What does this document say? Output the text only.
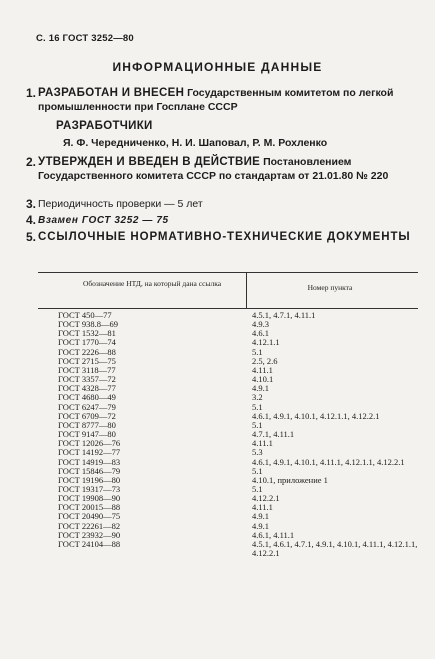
С. 16 ГОСТ 3252—80
ИНФОРМАЦИОННЫЕ ДАННЫЕ
1. РАЗРАБОТАН И ВНЕСЕН Государственным комитетом по легкой промышленности при Госплане СССР
РАЗРАБОТЧИКИ
Я. Ф. Чередниченко, Н. И. Шаповал, Р. М. Рохленко
2. УТВЕРЖДЕН И ВВЕДЕН В ДЕЙСТВИЕ Постановлением Государственного комитета СССР по стандартам от 21.01.80 № 220
3. Периодичность проверки — 5 лет
4. Взамен ГОСТ 3252 — 75
5. ССЫЛОЧНЫЕ НОРМАТИВНО-ТЕХНИЧЕСКИЕ ДОКУМЕНТЫ
Обозначение НТД, на который дана ссылка	Номер пункта
ГОСТ 450—77	4.5.1, 4.7.1, 4.11.1
ГОСТ 938.8—69	4.9.3
ГОСТ 1532—81	4.6.1
ГОСТ 1770—74	4.12.1.1
ГОСТ 2226—88	5.1
ГОСТ 2715—75	2.5, 2.6
ГОСТ 3118—77	4.11.1
ГОСТ 3357—72	4.10.1
ГОСТ 4328—77	4.9.1
ГОСТ 4680—49	3.2
ГОСТ 6247—79	5.1
ГОСТ 6709—72	4.6.1, 4.9.1, 4.10.1, 4.12.1.1, 4.12.2.1
ГОСТ 8777—80	5.1
ГОСТ 9147—80	4.7.1, 4.11.1
ГОСТ 12026—76	4.11.1
ГОСТ 14192—77	5.3
ГОСТ 14919—83	4.6.1, 4.9.1, 4.10.1, 4.11.1, 4.12.1.1, 4.12.2.1
ГОСТ 15846—79	5.1
ГОСТ 19196—80	4.10.1, приложение 1
ГОСТ 19317—73	5.1
ГОСТ 19908—90	4.12.2.1
ГОСТ 20015—88	4.11.1
ГОСТ 20490—75	4.9.1
ГОСТ 22261—82	4.9.1
ГОСТ 23932—90	4.6.1, 4.11.1
ГОСТ 24104—88	4.5.1, 4.6.1, 4.7.1, 4.9.1, 4.10.1, 4.11.1, 4.12.1.1, 4.12.2.1
